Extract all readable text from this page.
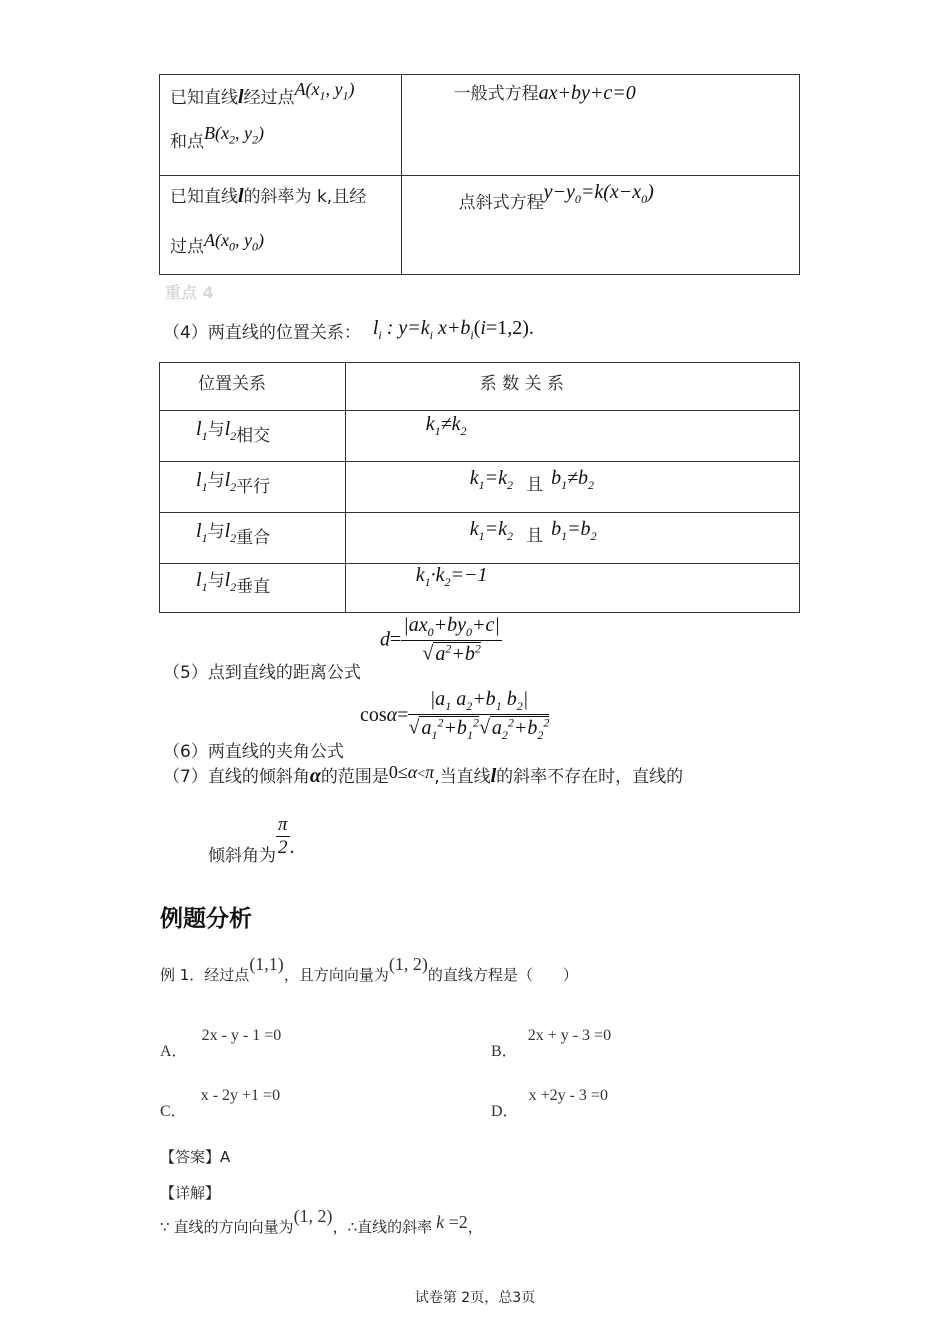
已知直线l经过点$A(x_1$, $y_1$)
和点$B(x_2$, $y_2$)	一般式方程ax+by+c=0

已知直线l的斜率为 k,且经
过点$A(x_0$, $y_0$)	点斜式方程$y-y_0=k(x-x_0)$
重点 4
（4）两直线的位置关系： $l_i$ : $y=k_i$ $x+b_i(i=1,2)$.
位置关系	系 数 关 系

$l_1$与$l_2$相交	$k_1\ne k_2$

$l_1$与$l_2$平行	$k_1=k_2$ 且 $b_1\ne b_2$

$l_1$与$l_2$重合	$k_1=k_2$ 且 $b_1=b_2$

$l_1$与$l_2$垂直	$k_1\cdot k_2=-1$
$d= \frac{|ax_0+by_0+c|}{√ a^2+b^2}$
（5）点到直线的距离公式
$\cos\alpha= \frac{|a_1 a_2+b_1 b_2|}{√ a_1^2+b_1^2√ a_2^2+b_2^2}$
（6）两直线的夹角公式
（7）直线的倾斜角α的范围是0≤α<π,当直线l的斜率不存在时，直线的
倾斜角为 $\frac{\pi}{2}$ .
例题分析
例 1．经过点(1,1)，且方向向量为(1, 2)的直线方程是（　　）
A．2x - y - 1 =0
B．2x + y - 3 =0
C．x - 2y +1 =0
D．x +2y - 3 =0
【答案】A
【详解】
∵ 直线的方向向量为(1, 2)，∴直线的斜率 k =2，
试卷第 2页，总3页
